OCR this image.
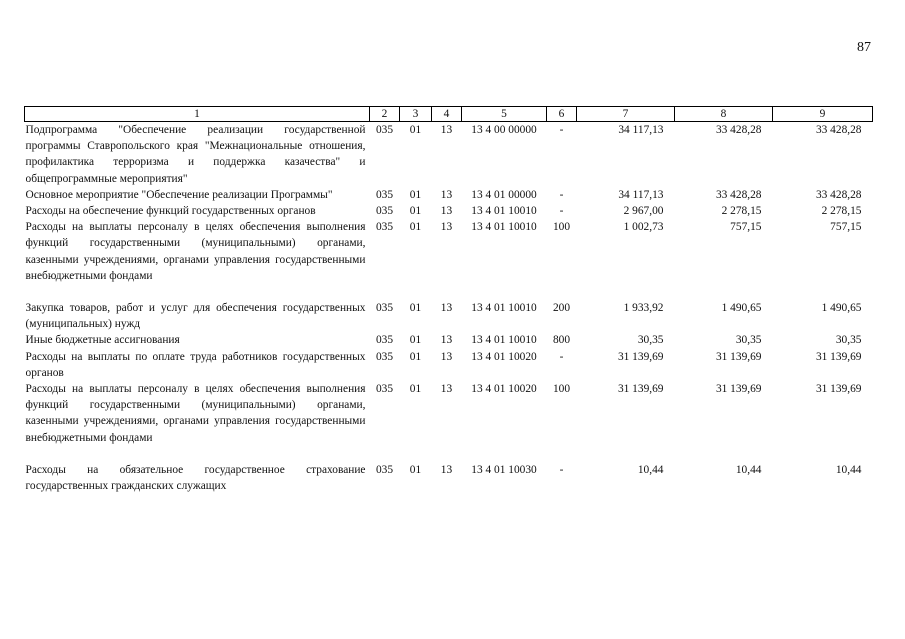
87
1	2	3	4	5	6	7	8	9
Подпрограмма "Обеспечение реализации государственной программы Ставропольского края "Межнациональные отношения, профилактика терроризма и поддержка казачества" и общепрограммные мероприятия"	035	01	13	13 4 00 00000	-	34 117,13	33 428,28	33 428,28
Основное мероприятие "Обеспечение реализации Программы"	035	01	13	13 4 01 00000	-	34 117,13	33 428,28	33 428,28
Расходы на обеспечение функций государственных органов	035	01	13	13 4 01 10010	-	2 967,00	2 278,15	2 278,15
Расходы на выплаты персоналу в целях обеспечения выполнения функций государственными (муниципальными) органами, казенными учреждениями, органами управления государственными внебюджетными фондами	035	01	13	13 4 01 10010	100	1 002,73	757,15	757,15

Закупка товаров, работ и услуг для обеспечения государственных (муниципальных) нужд	035	01	13	13 4 01 10010	200	1 933,92	1 490,65	1 490,65
Иные бюджетные ассигнования	035	01	13	13 4 01 10010	800	30,35	30,35	30,35
Расходы на выплаты по оплате труда работников государственных органов	035	01	13	13 4 01 10020	-	31 139,69	31 139,69	31 139,69
Расходы на выплаты персоналу в целях обеспечения выполнения функций государственными (муниципальными) органами, казенными учреждениями, органами управления государственными внебюджетными фондами	035	01	13	13 4 01 10020	100	31 139,69	31 139,69	31 139,69

Расходы на обязательное государственное страхование государственных гражданских служащих	035	01	13	13 4 01 10030	-	10,44	10,44	10,44
